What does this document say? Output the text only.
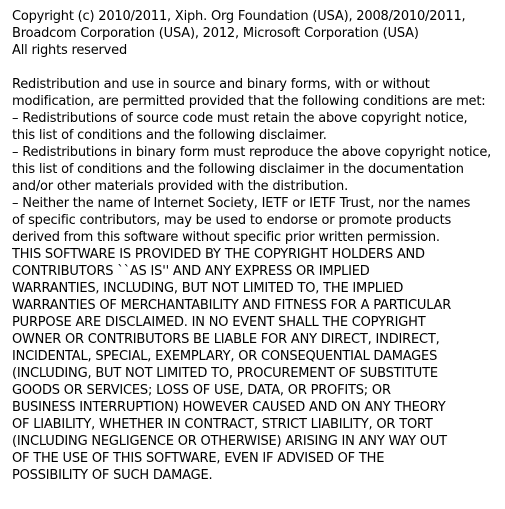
Copyright (c) 2010/2011, Xiph. Org Foundation (USA), 2008/2010/2011,
Broadcom Corporation (USA), 2012, Microsoft Corporation (USA)
All rights reserved
Redistribution and use in source and binary forms, with or without
modification, are permitted provided that the following conditions are met:
– Redistributions of source code must retain the above copyright notice,
this list of conditions and the following disclaimer.
– Redistributions in binary form must reproduce the above copyright notice,
this list of conditions and the following disclaimer in the documentation
and/or other materials provided with the distribution.
– Neither the name of Internet Society, IETF or IETF Trust, nor the names
of specific contributors, may be used to endorse or promote products
derived from this software without specific prior written permission.
THIS SOFTWARE IS PROVIDED BY THE COPYRIGHT HOLDERS AND
CONTRIBUTORS ``AS IS'' AND ANY EXPRESS OR IMPLIED
WARRANTIES, INCLUDING, BUT NOT LIMITED TO, THE IMPLIED
WARRANTIES OF MERCHANTABILITY AND FITNESS FOR A PARTICULAR
PURPOSE ARE DISCLAIMED. IN NO EVENT SHALL THE COPYRIGHT
OWNER OR CONTRIBUTORS BE LIABLE FOR ANY DIRECT, INDIRECT,
INCIDENTAL, SPECIAL, EXEMPLARY, OR CONSEQUENTIAL DAMAGES
(INCLUDING, BUT NOT LIMITED TO, PROCUREMENT OF SUBSTITUTE
GOODS OR SERVICES; LOSS OF USE, DATA, OR PROFITS; OR
BUSINESS INTERRUPTION) HOWEVER CAUSED AND ON ANY THEORY
OF LIABILITY, WHETHER IN CONTRACT, STRICT LIABILITY, OR TORT
(INCLUDING NEGLIGENCE OR OTHERWISE) ARISING IN ANY WAY OUT
OF THE USE OF THIS SOFTWARE, EVEN IF ADVISED OF THE
POSSIBILITY OF SUCH DAMAGE.
